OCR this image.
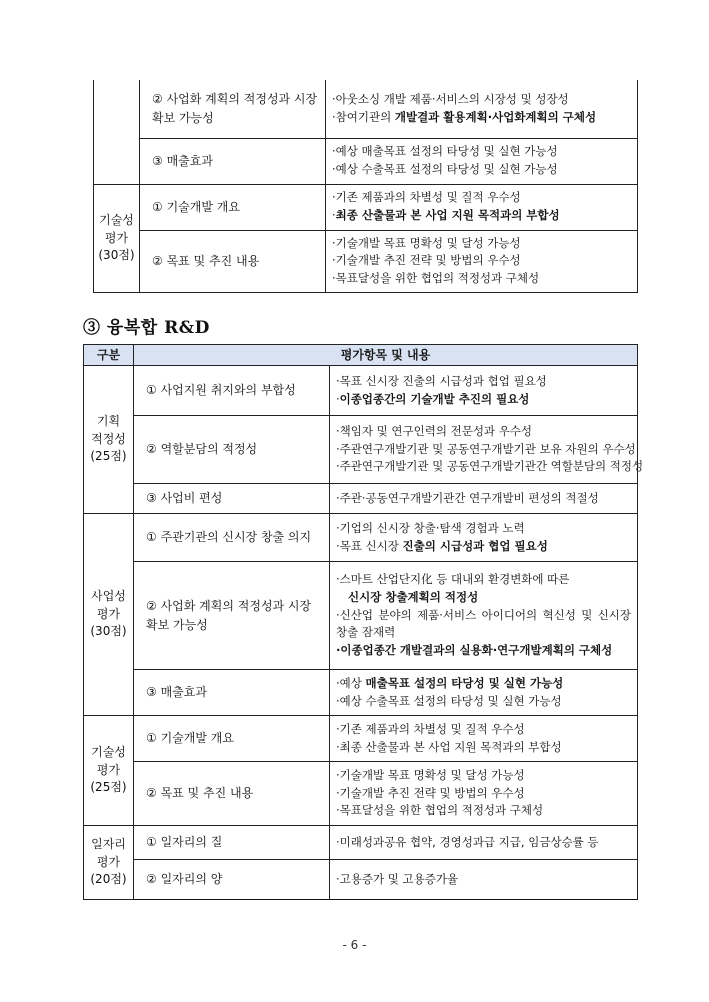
	② 사업화 계획의 적정성과 시장
확보 가능성	·아웃소싱 개발 제품·서비스의 시장성 및 성장성
·참여기관의 개발결과 활용계획·사업화계획의 구체성

	③ 매출효과	·예상 매출목표 설정의 타당성 및 실현 가능성
·예상 수출목표 설정의 타당성 및 실현 가능성

기술성
평가
(30점)	① 기술개발 개요	·기존 제품과의 차별성 및 질적 우수성
·최종 산출물과 본 사업 지원 목적과의 부합성

	② 목표 및 추진 내용	·기술개발 목표 명확성 및 달성 가능성
·기술개발 추진 전략 및 방법의 우수성
·목표달성을 위한 협업의 적정성과 구체성
③ 융복합 R&D
구분	평가항목 및 내용	
기획
적정성
(25점)	① 사업지원 취지와의 부합성	·목표 신시장 진출의 시급성과 협업 필요성
·이종업종간의 기술개발 추진의 필요성

	② 역할분담의 적정성	·책임자 및 연구인력의 전문성과 우수성
·주관연구개발기관 및 공동연구개발기관 보유 자원의 우수성
·주관연구개발기관 및 공동연구개발기관간 역할분담의 적정성

	③ 사업비 편성	·주관·공동연구개발기관간 연구개발비 편성의 적절성

사업성
평가
(30점)	① 주관기관의 신시장 창출 의지	·기업의 신시장 창출·탐색 경험과 노력
·목표 신시장 진출의 시급성과 협업 필요성

	② 사업화 계획의 적정성과 시장
확보 가능성	·스마트 산업단지化 등 대내외 환경변화에 따른
신시장 창출계획의 적정성
·신산업 분야의 제품·서비스 아이디어의 혁신성 및 신시장 창출 잠재력
·이종업종간 개발결과의 실용화·연구개발계획의 구체성

	③ 매출효과	·예상 매출목표 설정의 타당성 및 실현 가능성
·예상 수출목표 설정의 타당성 및 실현 가능성

기술성
평가
(25점)	① 기술개발 개요	·기존 제품과의 차별성 및 질적 우수성
·최종 산출물과 본 사업 지원 목적과의 부합성

	② 목표 및 추진 내용	·기술개발 목표 명확성 및 달성 가능성
·기술개발 추진 전략 및 방법의 우수성
·목표달성을 위한 협업의 적정성과 구체성

일자리
평가
(20점)	① 일자리의 질	·미래성과공유 협약, 경영성과급 지급, 임금상승률 등

	② 일자리의 양	·고용증가 및 고용증가율
- 6 -
